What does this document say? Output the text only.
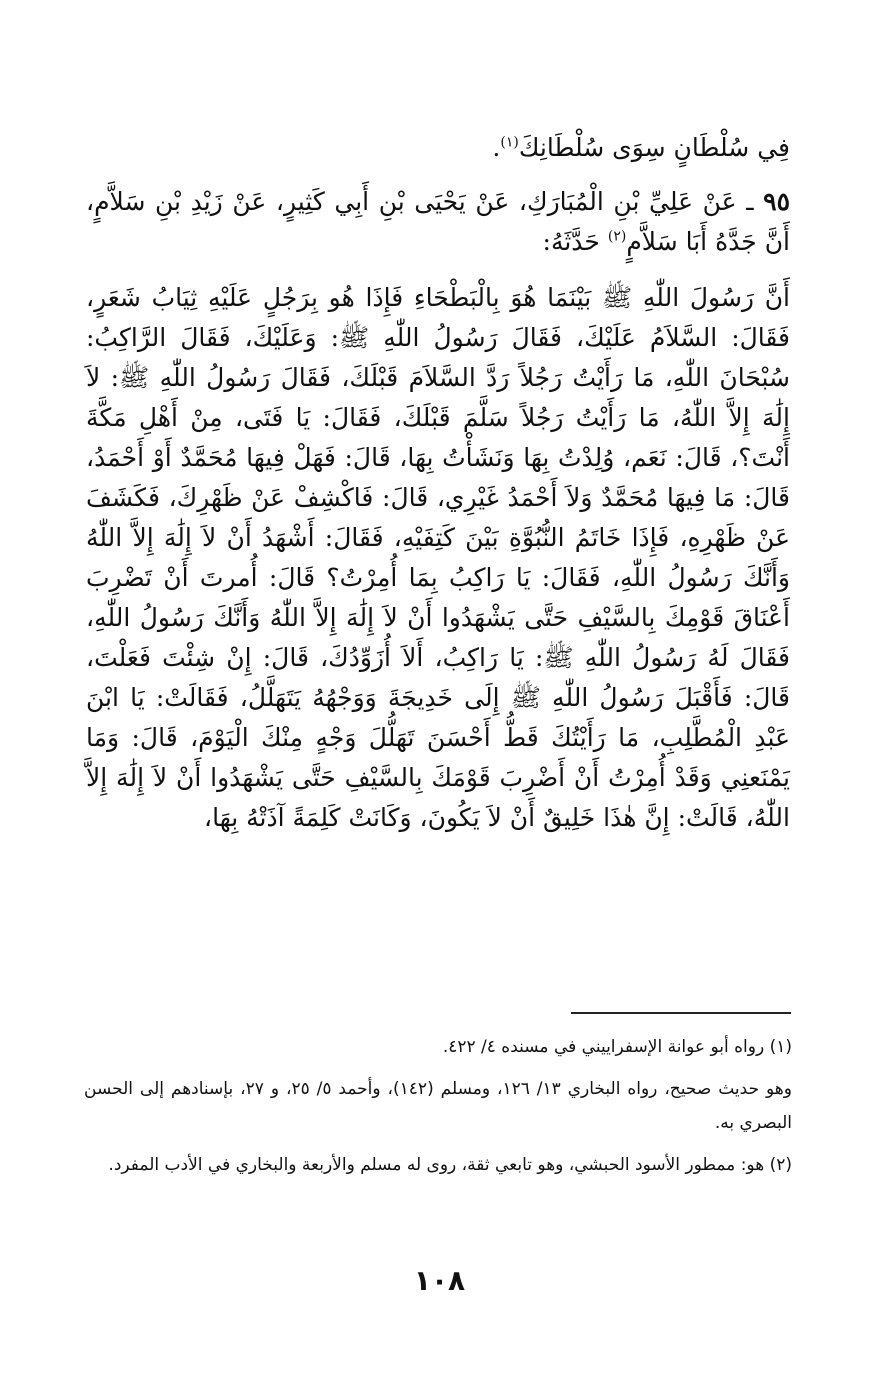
فِي سُلْطَانٍ سِوَى سُلْطَانِكَ$^{(١)}$.

٩٥ ـ عَنْ عَلِيِّ بْنِ الْمُبَارَكِ، عَنْ يَحْيَى بْنِ أَبِي كَثِيرٍ، عَنْ زَيْدِ بْنِ سَلاَّمٍ، أَنَّ جَدَّهُ أَبَا سَلاَّمٍ$^{(٢)}$ حَدَّثَهُ:

أَنَّ رَسُولَ اللّٰهِ ﷺ بَيْنَمَا هُوَ بِالْبَطْحَاءِ فَإِذَا هُو بِرَجُلٍ عَلَيْهِ ثِيَابُ شَعَرٍ، فَقَالَ: السَّلاَمُ عَلَيْكَ، فَقَالَ رَسُولُ اللّٰهِ ﷺ: وَعَلَيْكَ، فَقَالَ الرَّاكِبُ: سُبْحَانَ اللّٰهِ، مَا رَأَيْتُ رَجُلاً رَدَّ السَّلاَمَ قَبْلَكَ، فَقَالَ رَسُولُ اللّٰهِ ﷺ: لاَ إِلَٰهَ إِلاَّ اللّٰهُ، مَا رَأَيْتُ رَجُلاً سَلَّمَ قَبْلَكَ، فَقَالَ: يَا فَتَى، مِنْ أَهْلِ مَكَّةَ أَنْتَ؟، قَالَ: نَعَم، وُلِدْتُ بِهَا وَنَشَأْتُ بِهَا، قَالَ: فَهَلْ فِيهَا مُحَمَّدٌ أَوْ أَحْمَدُ، قَالَ: مَا فِيهَا مُحَمَّدٌ وَلاَ أَحْمَدُ غَيْرِي، قَالَ: فَاكْشِفْ عَنْ ظَهْرِكَ، فَكَشَفَ عَنْ ظَهْرِهِ، فَإِذَا خَاتَمُ النُّبُوَّةِ بَيْنَ كَتِفَيْهِ، فَقَالَ: أَشْهَدُ أَنْ لاَ إِلَٰهَ إِلاَّ اللّٰهُ وَأَنَّكَ رَسُولُ اللّٰهِ، فَقَالَ: يَا رَاكِبُ بِمَا أُمِرْتُ؟ قَالَ: أُمرتَ أَنْ تَضْرِبَ أَعْنَاقَ قَوْمِكَ بِالسَّيْفِ حَتَّى يَشْهَدُوا أَنْ لاَ إِلَٰهَ إِلاَّ اللّٰهُ وَأَنَّكَ رَسُولُ اللّٰهِ، فَقَالَ لَهُ رَسُولُ اللّٰهِ ﷺ: يَا رَاكِبُ، أَلاَ أُزَوِّدُكَ، قَالَ: إِنْ شِئْتَ فَعَلْتَ، قَالَ: فَأَقْبَلَ رَسُولُ اللّٰهِ ﷺ إِلَى خَدِيجَةَ وَوَجْهُهُ يَتَهَلَّلُ، فَقَالَتْ: يَا ابْنَ عَبْدِ الْمُطَّلِبِ، مَا رَأَيْتُكَ قَطُّ أَحْسَنَ تَهَلُّلَ وَجْهٍ مِنْكَ الْيَوْمَ، قَالَ: وَمَا يَمْنَعنِي وَقَدْ أُمِرْتُ أَنْ أَضْرِبَ قَوْمَكَ بِالسَّيْفِ حَتَّى يَشْهَدُوا أَنْ لاَ إِلَٰهَ إِلاَّ اللّٰهُ، قَالَتْ: إِنَّ هٰذَا خَلِيقٌ أَنْ لاَ يَكُونَ، وَكَانَتْ كَلِمَةً آذَتْهُ بِهَا،

(١) رواه أبو عوانة الإسفراييني في مسنده ٤/ ٤٢٢.

وهو حديث صحيح، رواه البخاري ١٣/ ١٢٦، ومسلم (١٤٢)، وأحمد ٥/ ٢٥، و ٢٧، بإسنادهم إلى الحسن البصري به.

(٢) هو: ممطور الأسود الحبشي، وهو تابعي ثقة، روى له مسلم والأربعة والبخاري في الأدب المفرد.

١٠٨
